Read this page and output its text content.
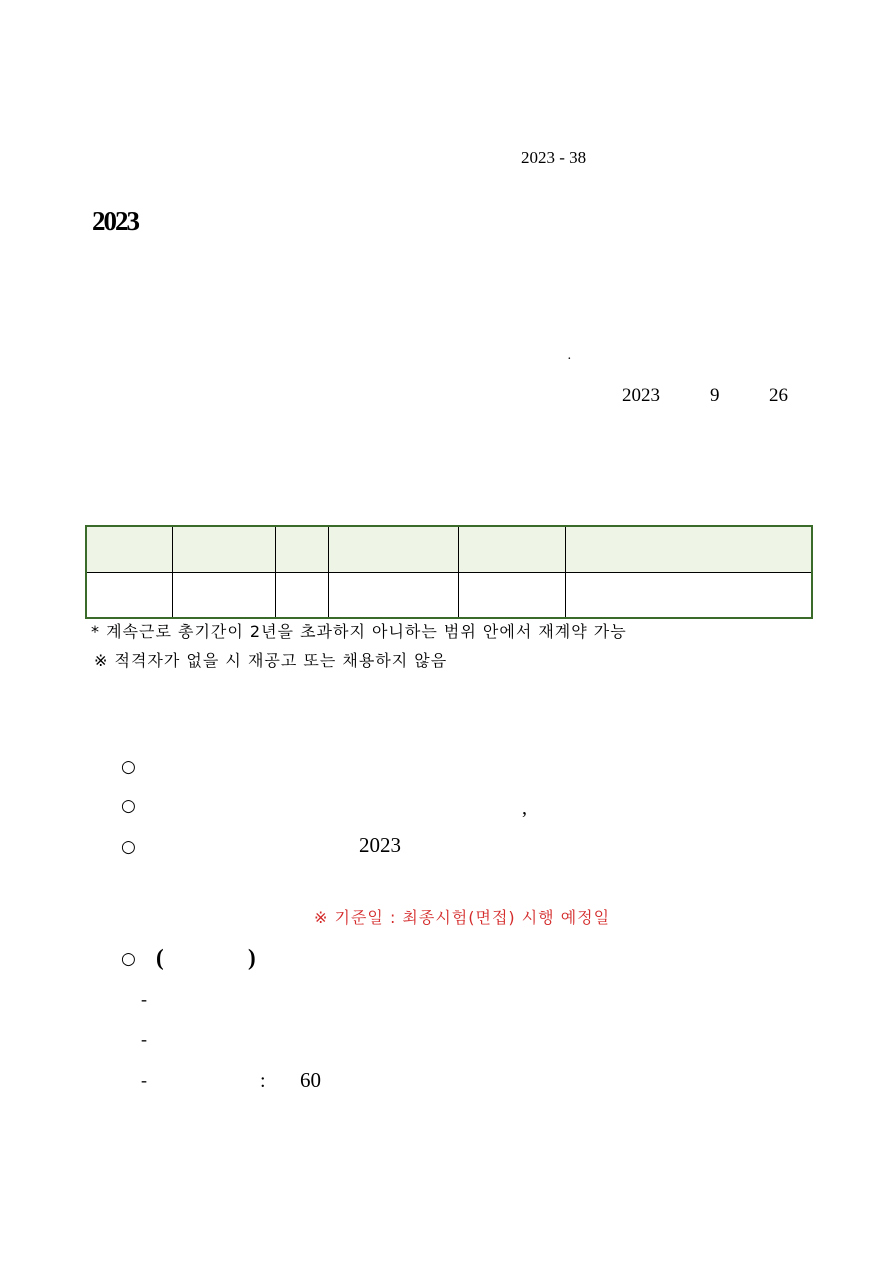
2023 - 38
2023
·
2023	9	26

* 계속근로 총기간이 2년을 초과하지 아니하는 범위 안에서 재계약 가능
※ 적격자가 없을 시 재공고 또는 채용하지 않음
○
○	,
○	2023
※ 기준일 : 최종시험(면접) 시행 예정일
○ (	)
-
-
-	: 60
